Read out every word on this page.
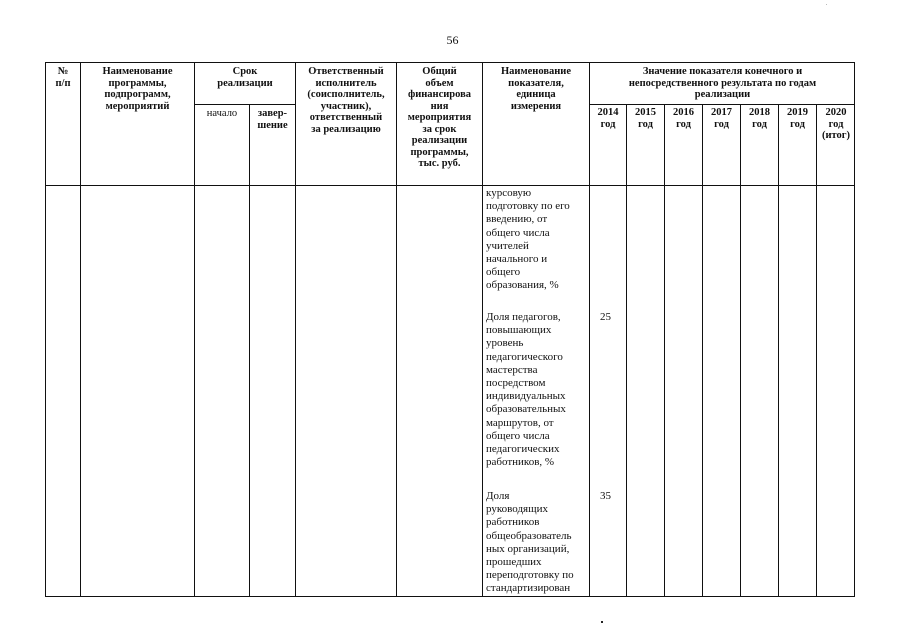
56
№
п/п
Наименование
программы,
подпрограмм,
мероприятий
Срок
реализации
начало	завер-
шение
Ответственный
исполнитель
(соисполнитель,
участник),
ответственный
за реализацию
Общий
объем
финансирова
ния
мероприятия
за срок
реализации
программы,
тыс. руб.
Наименование
показателя,
единица
измерения
Значение показателя конечного и
непосредственного результата по годам
реализации
2014
год
2015
год
2016
год
2017
год
2018
год
2019
год
2020
год
(итог)
курсовую
подготовку по его
введению, от
общего числа
учителей
начального и
общего
образования, %
Доля педагогов,
повышающих
уровень
педагогического
мастерства
посредством
индивидуальных
образовательных
маршрутов, от
общего числа
педагогических
работников, %
25
Доля
руководящих
работников
общеобразователь
ных организаций,
прошедших
переподготовку по
стандартизирован
35
